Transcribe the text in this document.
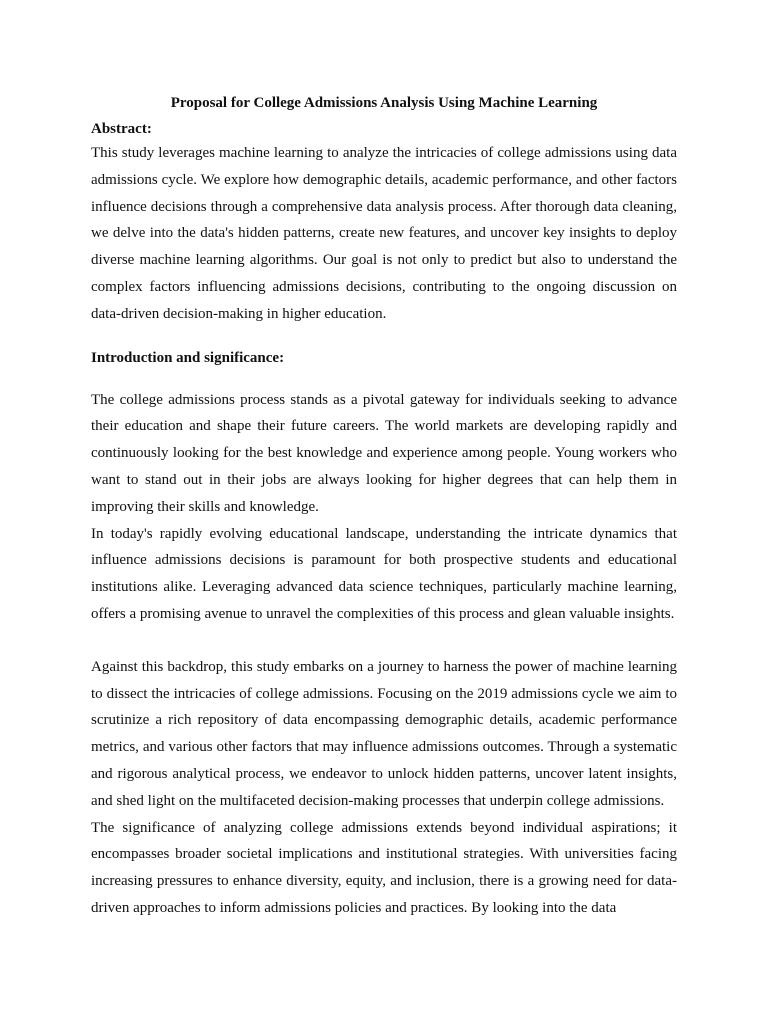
Proposal for College Admissions Analysis Using Machine Learning

Abstract:

This study leverages machine learning to analyze the intricacies of college admissions using data admissions cycle. We explore how demographic details, academic performance, and other factors influence decisions through a comprehensive data analysis process. After thorough data cleaning, we delve into the data's hidden patterns, create new features, and uncover key insights to deploy diverse machine learning algorithms. Our goal is not only to predict but also to understand the complex factors influencing admissions decisions, contributing to the ongoing discussion on data-driven decision-making in higher education.

Introduction and significance:

The college admissions process stands as a pivotal gateway for individuals seeking to advance their education and shape their future careers. The world markets are developing rapidly and continuously looking for the best knowledge and experience among people. Young workers who want to stand out in their jobs are always looking for higher degrees that can help them in improving their skills and knowledge.

In today's rapidly evolving educational landscape, understanding the intricate dynamics that influence admissions decisions is paramount for both prospective students and educational institutions alike. Leveraging advanced data science techniques, particularly machine learning, offers a promising avenue to unravel the complexities of this process and glean valuable insights.

Against this backdrop, this study embarks on a journey to harness the power of machine learning to dissect the intricacies of college admissions. Focusing on the 2019 admissions cycle we aim to scrutinize a rich repository of data encompassing demographic details, academic performance metrics, and various other factors that may influence admissions outcomes. Through a systematic and rigorous analytical process, we endeavor to unlock hidden patterns, uncover latent insights, and shed light on the multifaceted decision-making processes that underpin college admissions.

The significance of analyzing college admissions extends beyond individual aspirations; it encompasses broader societal implications and institutional strategies. With universities facing increasing pressures to enhance diversity, equity, and inclusion, there is a growing need for data-driven approaches to inform admissions policies and practices. By looking into the data
